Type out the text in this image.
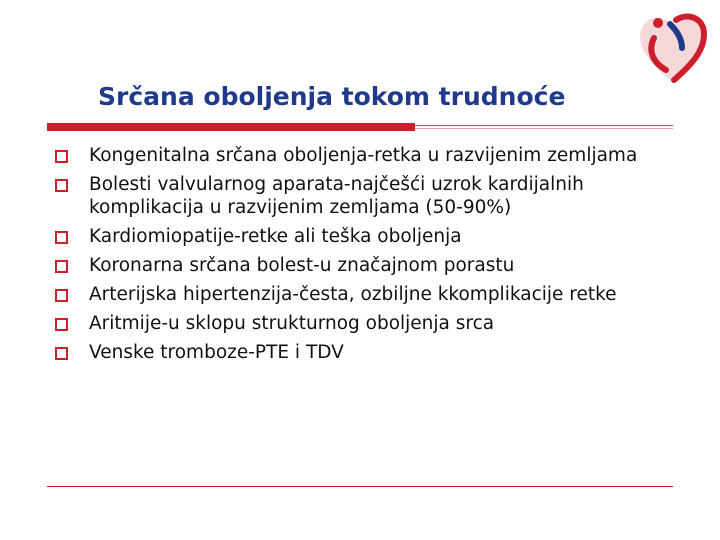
Srčana oboljenja tokom trudnoće
Kongenitalna srčana oboljenja-retka u razvijenim zemljama
Bolesti valvularnog aparata-najčešći uzrok kardijalnih komplikacija u razvijenim zemljama (50-90%)
Kardiomiopatije-retke ali teška oboljenja
Koronarna srčana bolest-u značajnom porastu
Arterijska hipertenzija-česta, ozbiljne kkomplikacije retke
Aritmije-u sklopu strukturnog oboljenja srca
Venske tromboze-PTE i TDV
